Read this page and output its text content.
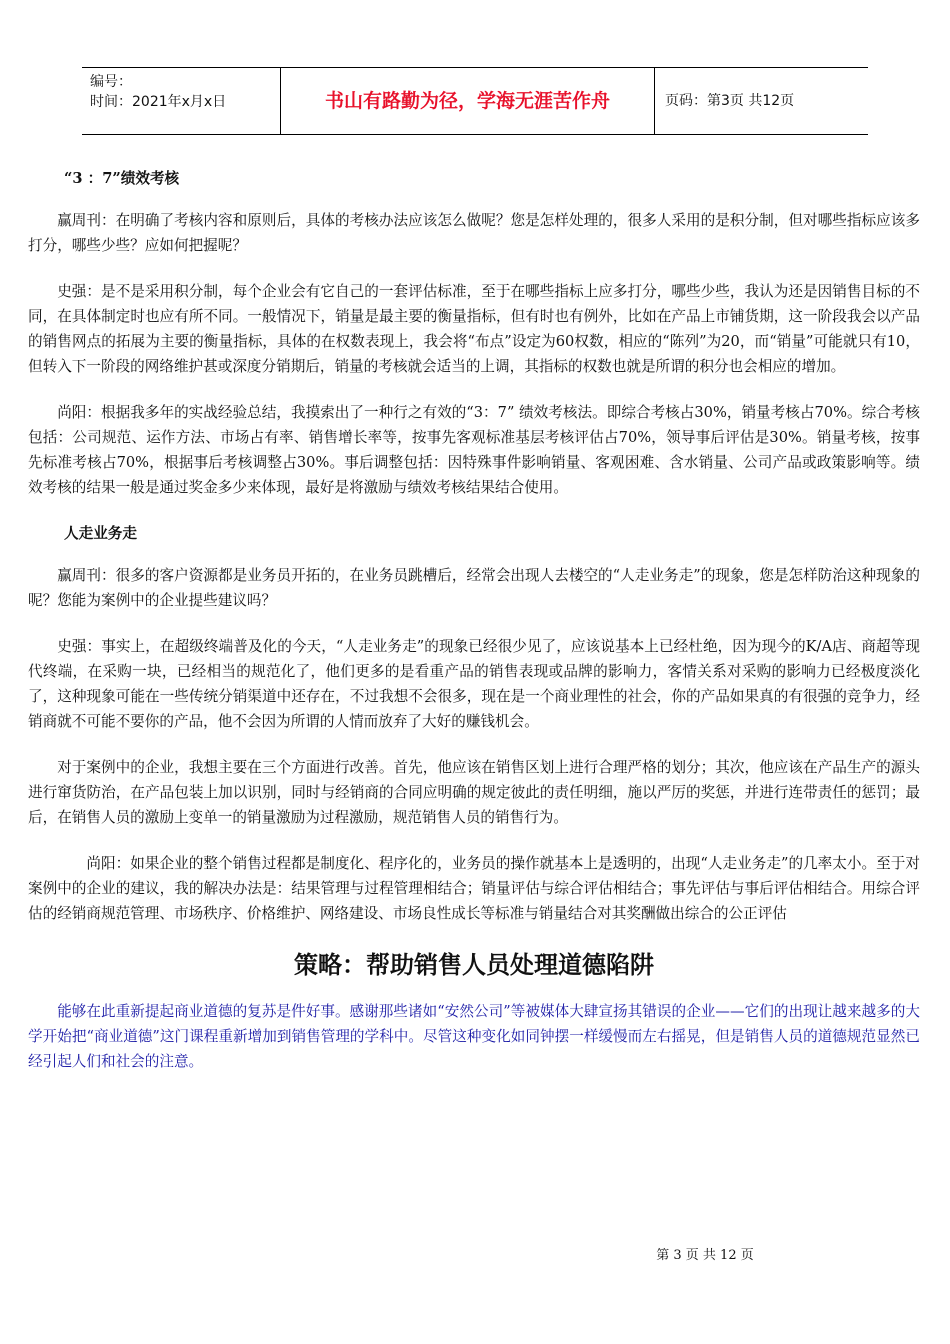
编号：
时间：2021年x月x日	书山有路勤为径，学海无涯苦作舟	页码：第3页 共12页

“3 ：7”绩效考核

赢周刊：在明确了考核内容和原则后，具体的考核办法应该怎么做呢？您是怎样处理的，很多人采用的是积分制，但对哪些指标应该多打分，哪些少些？应如何把握呢？

史强：是不是采用积分制，每个企业会有它自己的一套评估标准，至于在哪些指标上应多打分，哪些少些，我认为还是因销售目标的不同，在具体制定时也应有所不同。一般情况下，销量是最主要的衡量指标，但有时也有例外，比如在产品上市铺货期，这一阶段我会以产品的销售网点的拓展为主要的衡量指标，具体的在权数表现上，我会将“布点”设定为60权数，相应的“陈列”为20，而“销量”可能就只有10，但转入下一阶段的网络维护甚或深度分销期后，销量的考核就会适当的上调，其指标的权数也就是所谓的积分也会相应的增加。

尚阳：根据我多年的实战经验总结，我摸索出了一种行之有效的“3：7” 绩效考核法。即综合考核占30%，销量考核占70%。综合考核包括：公司规范、运作方法、市场占有率、销售增长率等，按事先客观标准基层考核评估占70%，领导事后评估是30%。销量考核，按事先标准考核占70%，根据事后考核调整占30%。事后调整包括：因特殊事件影响销量、客观困难、含水销量、公司产品或政策影响等。绩效考核的结果一般是通过奖金多少来体现，最好是将激励与绩效考核结果结合使用。

人走业务走

赢周刊：很多的客户资源都是业务员开拓的，在业务员跳槽后，经常会出现人去楼空的“人走业务走”的现象，您是怎样防治这种现象的呢？您能为案例中的企业提些建议吗？

史强：事实上，在超级终端普及化的今天，“人走业务走”的现象已经很少见了，应该说基本上已经杜绝，因为现今的K/A店、商超等现代终端，在采购一块，已经相当的规范化了，他们更多的是看重产品的销售表现或品牌的影响力，客情关系对采购的影响力已经极度淡化了，这种现象可能在一些传统分销渠道中还存在，不过我想不会很多，现在是一个商业理性的社会，你的产品如果真的有很强的竞争力，经销商就不可能不要你的产品，他不会因为所谓的人情而放弃了大好的赚钱机会。

对于案例中的企业，我想主要在三个方面进行改善。首先，他应该在销售区划上进行合理严格的划分；其次，他应该在产品生产的源头进行窜货防治，在产品包装上加以识别，同时与经销商的合同应明确的规定彼此的责任明细，施以严厉的奖惩，并进行连带责任的惩罚；最后，在销售人员的激励上变单一的销量激励为过程激励，规范销售人员的销售行为。

尚阳：如果企业的整个销售过程都是制度化、程序化的，业务员的操作就基本上是透明的，出现“人走业务走”的几率太小。至于对案例中的企业的建议，我的解决办法是：结果管理与过程管理相结合；销量评估与综合评估相结合；事先评估与事后评估相结合。用综合评估的经销商规范管理、市场秩序、价格维护、网络建设、市场良性成长等标准与销量结合对其奖酬做出综合的公正评估

策略：帮助销售人员处理道德陷阱

能够在此重新提起商业道德的复苏是件好事。感谢那些诸如“安然公司”等被媒体大肆宣扬其错误的企业——它们的出现让越来越多的大学开始把“商业道德”这门课程重新增加到销售管理的学科中。尽管这种变化如同钟摆一样缓慢而左右摇晃，但是销售人员的道德规范显然已经引起人们和社会的注意。

第 3 页 共 12 页
